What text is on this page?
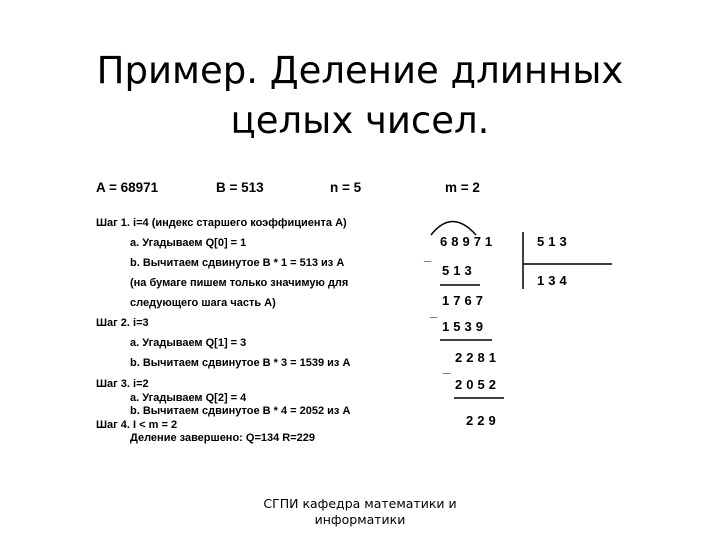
Пример. Деление длинных
целых чисел.
A = 68971	B = 513	n = 5	m = 2
Шаг 1. i=4 (индекс старшего коэффициента A)
a. Угадываем Q[0] = 1
b. Вычитаем сдвинутое B * 1 = 513 из A
(на бумаге пишем только значимую для
следующего шага часть A)
Шаг 2. i=3
a. Угадываем Q[1] = 3
b. Вычитаем сдвинутое B * 3 = 1539 из A
Шаг 3. i=2
a. Угадываем Q[2] = 4
b. Вычитаем сдвинутое B * 4 = 2052 из A
Шаг 4. I < m = 2
Деление завершено: Q=134 R=229
68971	513
134
_
513
1767
_
1539
2281
_
2052
229
СГПИ кафедра математики и
информатики
